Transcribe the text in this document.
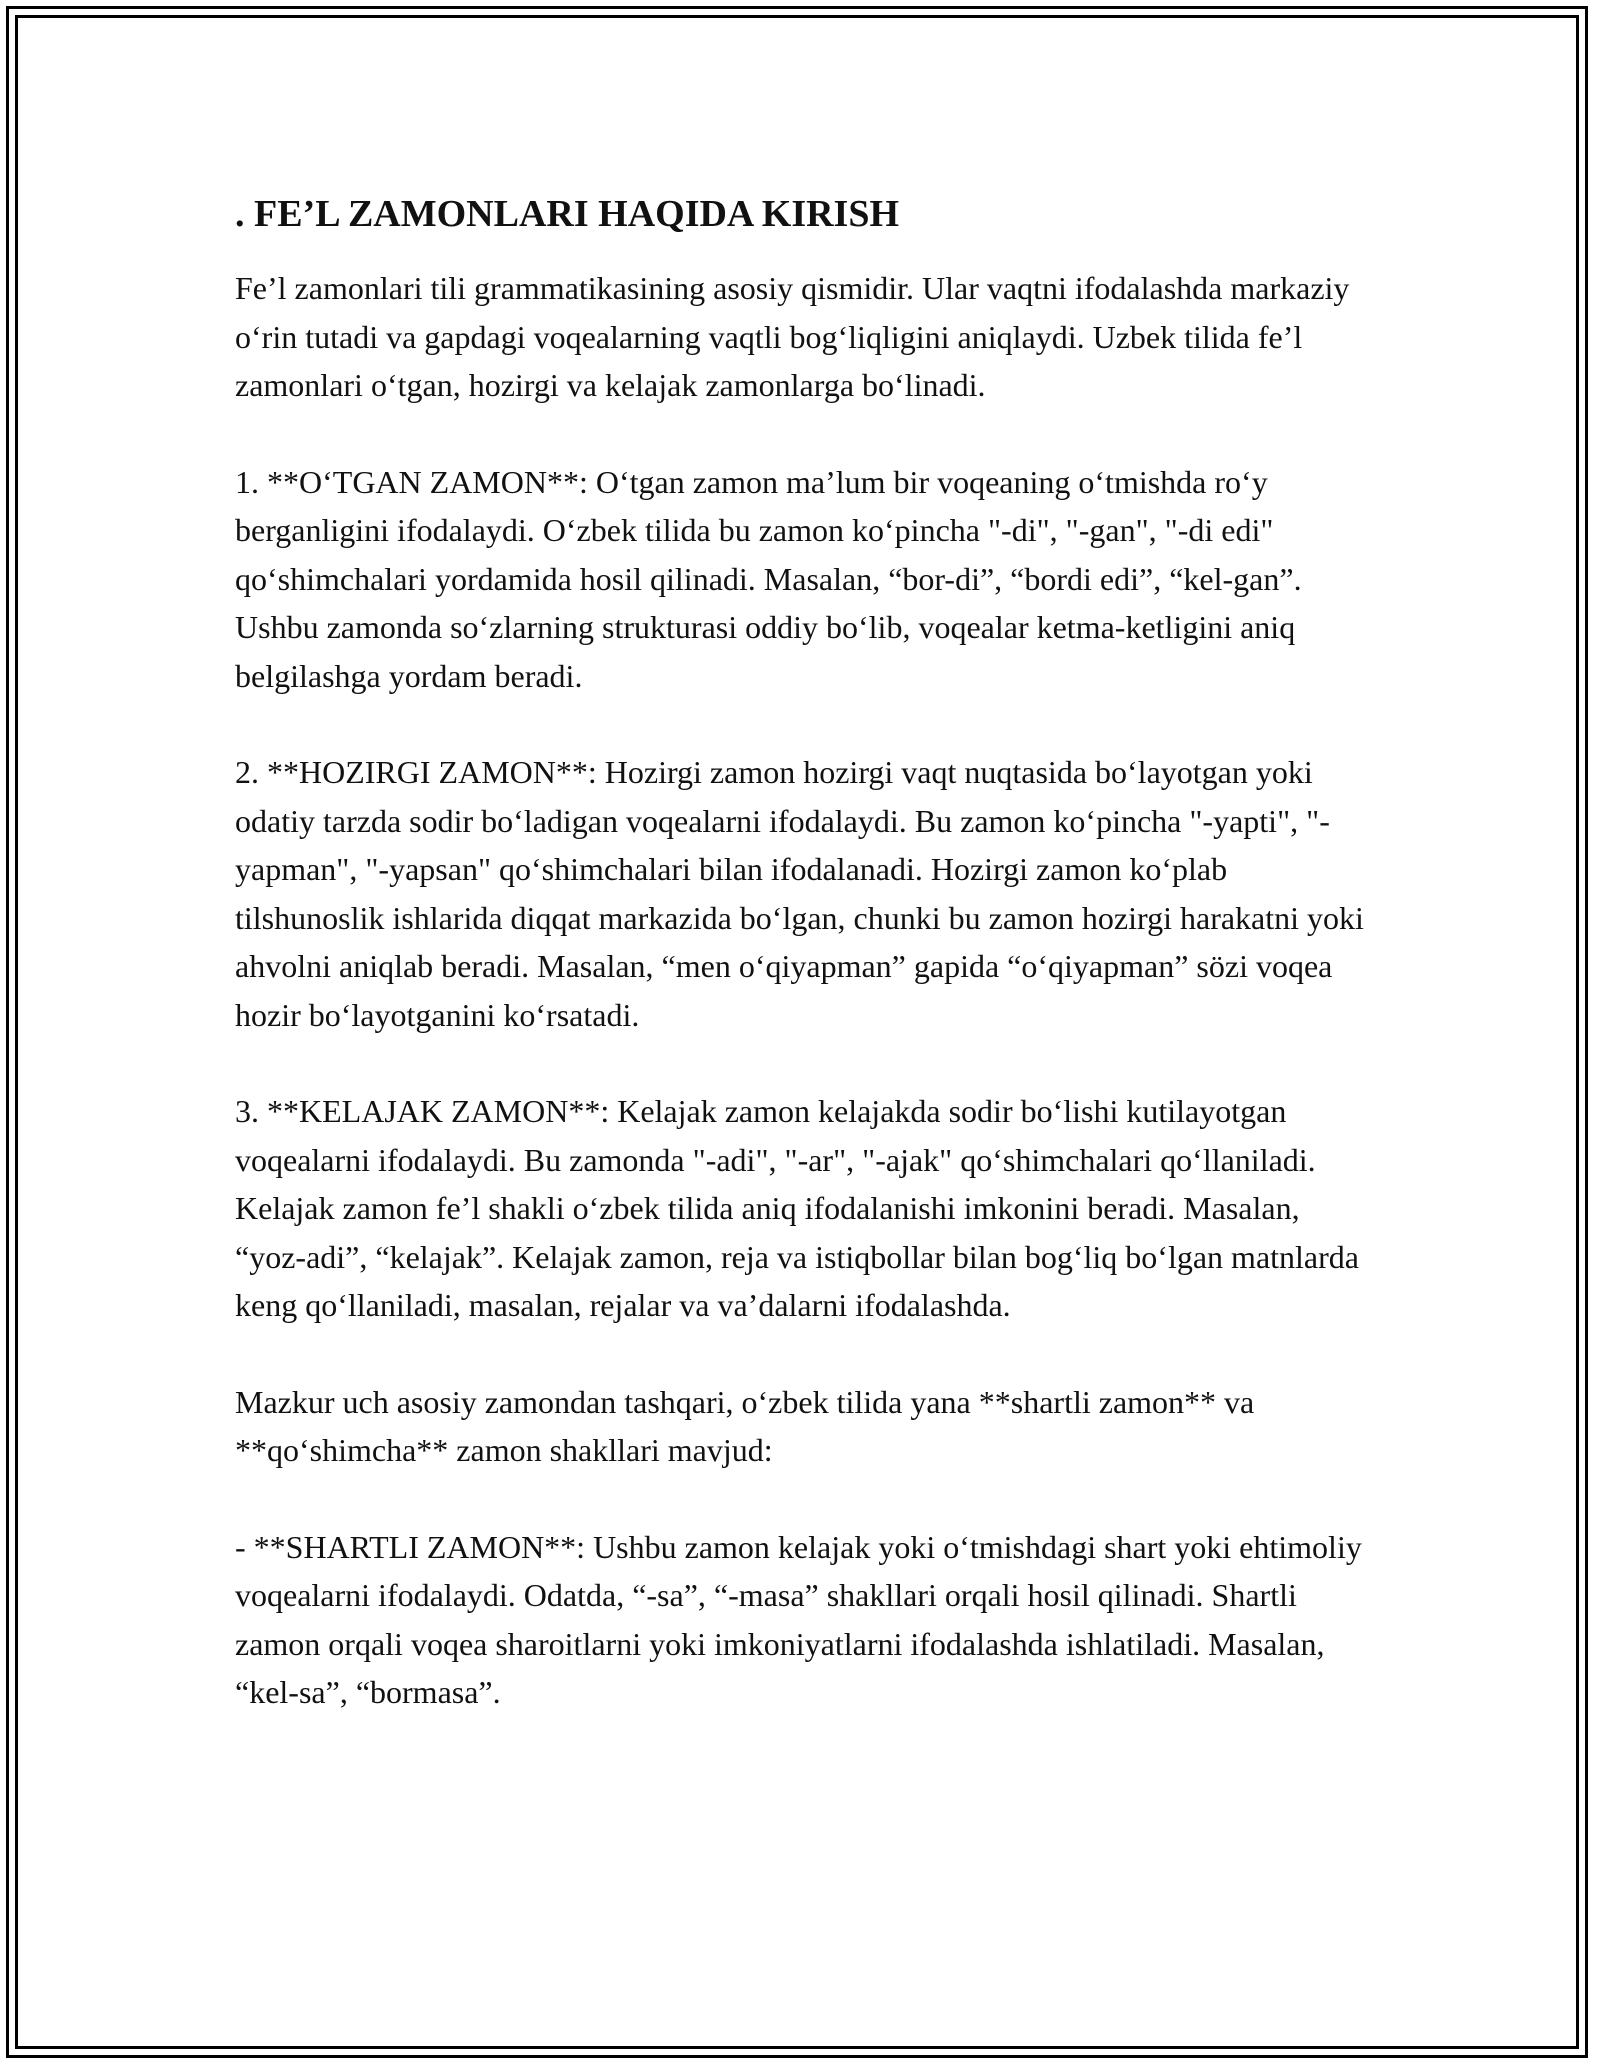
. FE’L ZAMONLARI HAQIDA KIRISH

Fe’l zamonlari tili grammatikasining asosiy qismidir. Ular vaqtni ifodalashda markaziy o‘rin tutadi va gapdagi voqealarning vaqtli bog‘liqligini aniqlaydi. Uzbek tilida fe’l zamonlari o‘tgan, hozirgi va kelajak zamonlarga bo‘linadi.

1. **O‘TGAN ZAMON**: O‘tgan zamon ma’lum bir voqeaning o‘tmishda ro‘y berganligini ifodalaydi. O‘zbek tilida bu zamon ko‘pincha "-di", "-gan", "-di edi" qo‘shimchalari yordamida hosil qilinadi. Masalan, “bor-di”, “bordi edi”, “kel-gan”. Ushbu zamonda so‘zlarning strukturasi oddiy bo‘lib, voqealar ketma-ketligini aniq belgilashga yordam beradi.

2. **HOZIRGI ZAMON**: Hozirgi zamon hozirgi vaqt nuqtasida bo‘layotgan yoki odatiy tarzda sodir bo‘ladigan voqealarni ifodalaydi. Bu zamon ko‘pincha "-yapti", "-yapman", "-yapsan" qo‘shimchalari bilan ifodalanadi. Hozirgi zamon ko‘plab tilshunoslik ishlarida diqqat markazida bo‘lgan, chunki bu zamon hozirgi harakatni yoki ahvolni aniqlab beradi. Masalan, “men o‘qiyapman” gapida “o‘qiyapman” sözi voqea hozir bo‘layotganini ko‘rsatadi.

3. **KELAJAK ZAMON**: Kelajak zamon kelajakda sodir bo‘lishi kutilayotgan voqealarni ifodalaydi. Bu zamonda "-adi", "-ar", "-ajak" qo‘shimchalari qo‘llaniladi. Kelajak zamon fe’l shakli o‘zbek tilida aniq ifodalanishi imkonini beradi. Masalan, “yoz-adi”, “kelajak”. Kelajak zamon, reja va istiqbollar bilan bog‘liq bo‘lgan matnlarda keng qo‘llaniladi, masalan, rejalar va va’dalarni ifodalashda.

Mazkur uch asosiy zamondan tashqari, o‘zbek tilida yana **shartli zamon** va **qo‘shimcha** zamon shakllari mavjud:

- **SHARTLI ZAMON**: Ushbu zamon kelajak yoki o‘tmishdagi shart yoki ehtimoliy voqealarni ifodalaydi. Odatda, “-sa”, “-masa” shakllari orqali hosil qilinadi. Shartli zamon orqali voqea sharoitlarni yoki imkoniyatlarni ifodalashda ishlatiladi. Masalan, “kel-sa”, “bormasa”.
